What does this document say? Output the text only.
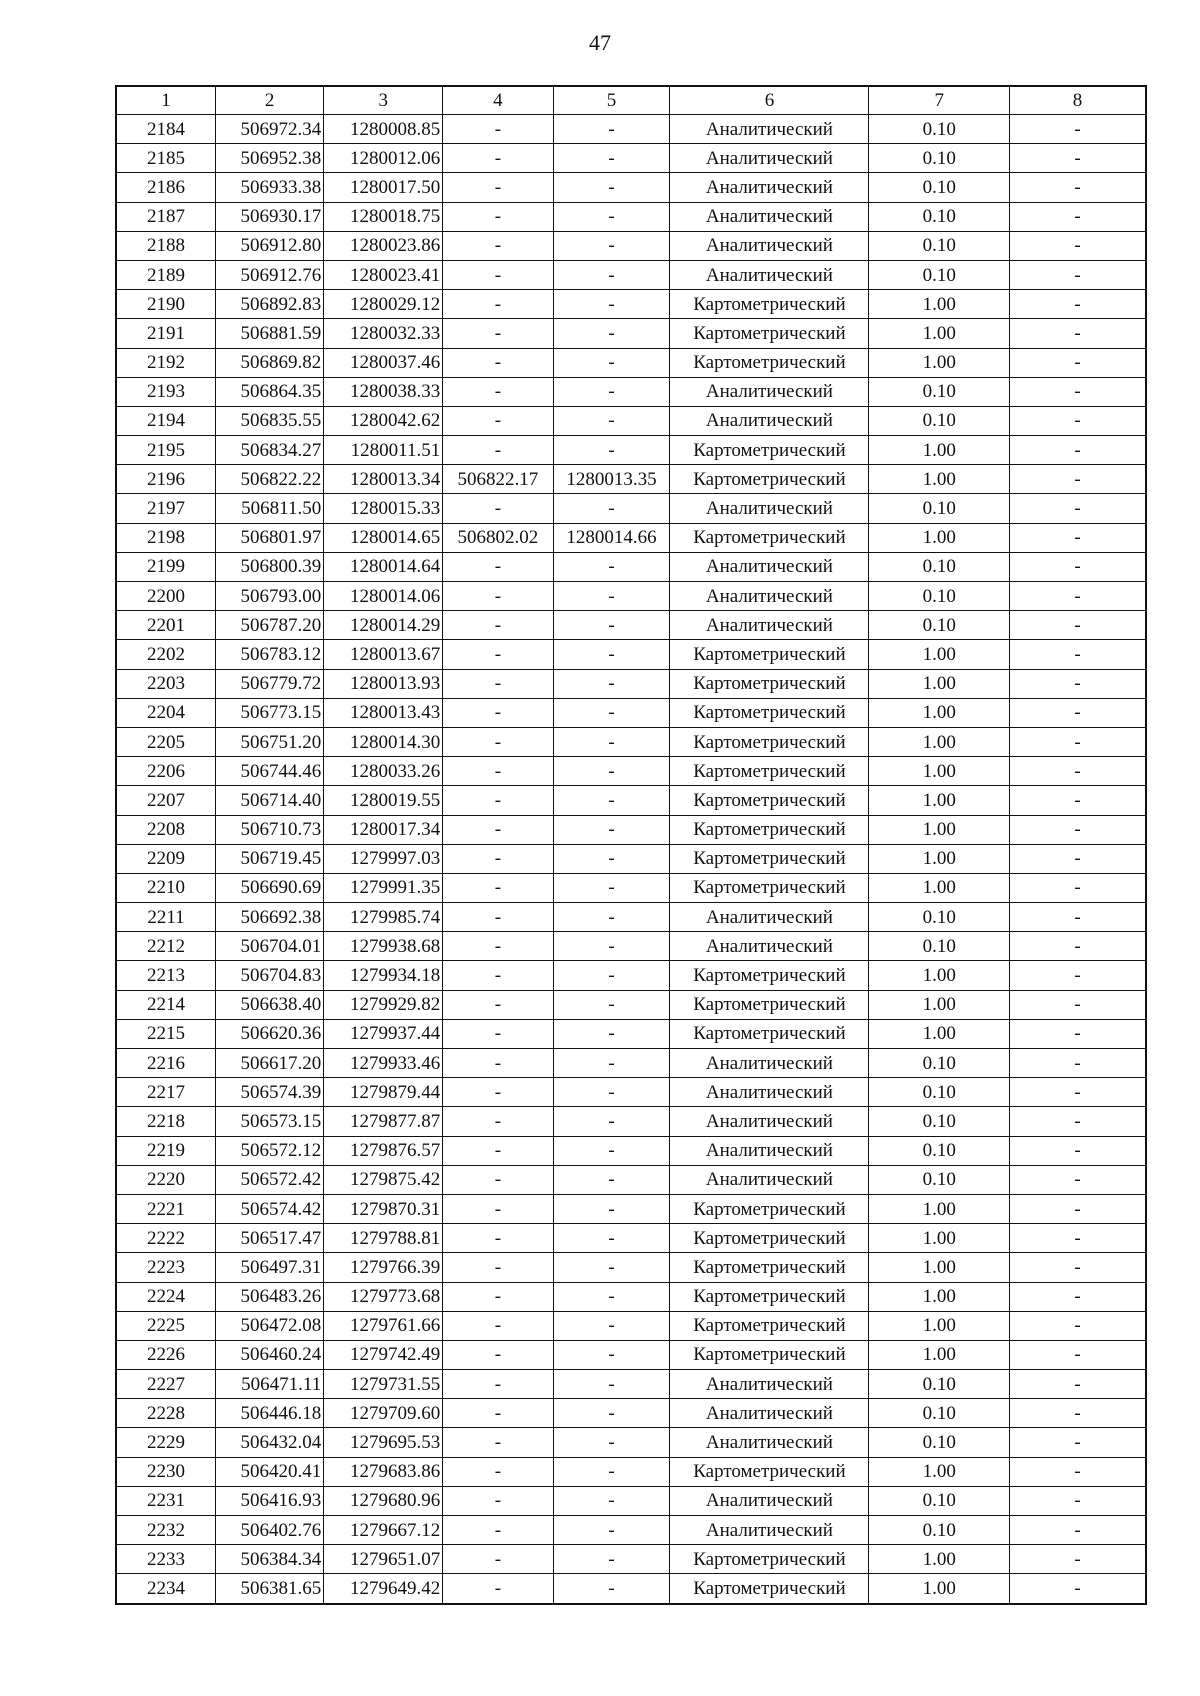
47
1	2	3	4	5	6	7	8
2184	506972.34	1280008.85	-	-	Аналитический	0.10	-
2185	506952.38	1280012.06	-	-	Аналитический	0.10	-
2186	506933.38	1280017.50	-	-	Аналитический	0.10	-
2187	506930.17	1280018.75	-	-	Аналитический	0.10	-
2188	506912.80	1280023.86	-	-	Аналитический	0.10	-
2189	506912.76	1280023.41	-	-	Аналитический	0.10	-
2190	506892.83	1280029.12	-	-	Картометрический	1.00	-
2191	506881.59	1280032.33	-	-	Картометрический	1.00	-
2192	506869.82	1280037.46	-	-	Картометрический	1.00	-
2193	506864.35	1280038.33	-	-	Аналитический	0.10	-
2194	506835.55	1280042.62	-	-	Аналитический	0.10	-
2195	506834.27	1280011.51	-	-	Картометрический	1.00	-
2196	506822.22	1280013.34	506822.17	1280013.35	Картометрический	1.00	-
2197	506811.50	1280015.33	-	-	Аналитический	0.10	-
2198	506801.97	1280014.65	506802.02	1280014.66	Картометрический	1.00	-
2199	506800.39	1280014.64	-	-	Аналитический	0.10	-
2200	506793.00	1280014.06	-	-	Аналитический	0.10	-
2201	506787.20	1280014.29	-	-	Аналитический	0.10	-
2202	506783.12	1280013.67	-	-	Картометрический	1.00	-
2203	506779.72	1280013.93	-	-	Картометрический	1.00	-
2204	506773.15	1280013.43	-	-	Картометрический	1.00	-
2205	506751.20	1280014.30	-	-	Картометрический	1.00	-
2206	506744.46	1280033.26	-	-	Картометрический	1.00	-
2207	506714.40	1280019.55	-	-	Картометрический	1.00	-
2208	506710.73	1280017.34	-	-	Картометрический	1.00	-
2209	506719.45	1279997.03	-	-	Картометрический	1.00	-
2210	506690.69	1279991.35	-	-	Картометрический	1.00	-
2211	506692.38	1279985.74	-	-	Аналитический	0.10	-
2212	506704.01	1279938.68	-	-	Аналитический	0.10	-
2213	506704.83	1279934.18	-	-	Картометрический	1.00	-
2214	506638.40	1279929.82	-	-	Картометрический	1.00	-
2215	506620.36	1279937.44	-	-	Картометрический	1.00	-
2216	506617.20	1279933.46	-	-	Аналитический	0.10	-
2217	506574.39	1279879.44	-	-	Аналитический	0.10	-
2218	506573.15	1279877.87	-	-	Аналитический	0.10	-
2219	506572.12	1279876.57	-	-	Аналитический	0.10	-
2220	506572.42	1279875.42	-	-	Аналитический	0.10	-
2221	506574.42	1279870.31	-	-	Картометрический	1.00	-
2222	506517.47	1279788.81	-	-	Картометрический	1.00	-
2223	506497.31	1279766.39	-	-	Картометрический	1.00	-
2224	506483.26	1279773.68	-	-	Картометрический	1.00	-
2225	506472.08	1279761.66	-	-	Картометрический	1.00	-
2226	506460.24	1279742.49	-	-	Картометрический	1.00	-
2227	506471.11	1279731.55	-	-	Аналитический	0.10	-
2228	506446.18	1279709.60	-	-	Аналитический	0.10	-
2229	506432.04	1279695.53	-	-	Аналитический	0.10	-
2230	506420.41	1279683.86	-	-	Картометрический	1.00	-
2231	506416.93	1279680.96	-	-	Аналитический	0.10	-
2232	506402.76	1279667.12	-	-	Аналитический	0.10	-
2233	506384.34	1279651.07	-	-	Картометрический	1.00	-
2234	506381.65	1279649.42	-	-	Картометрический	1.00	-
